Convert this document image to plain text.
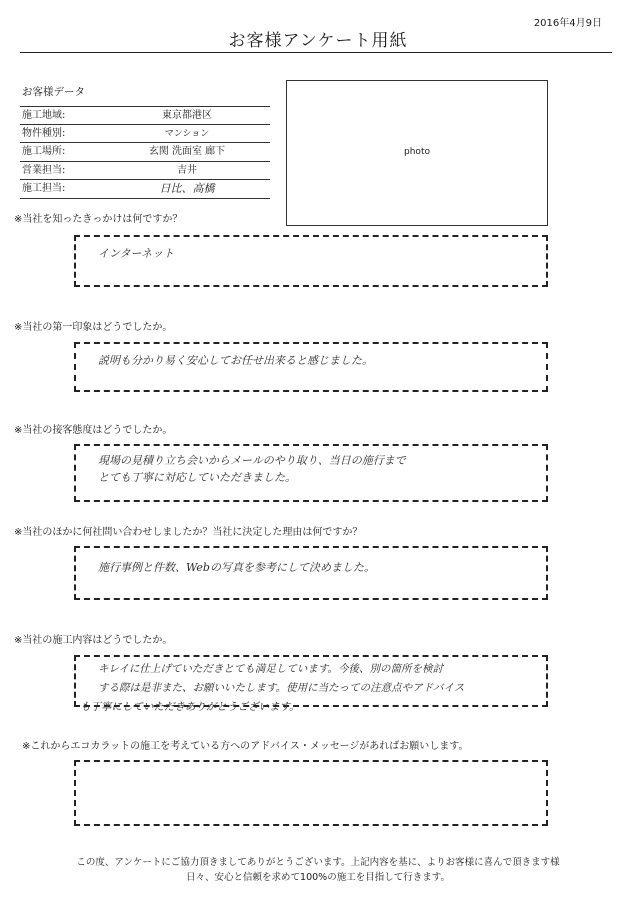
2016年4月9日
お客様アンケート用紙
お客様データ
施工地域:	東京都港区
物件種別:	マンション
施工場所:	玄関 洗面室 廊下
営業担当:	吉井
施工担当:	日比、高橋
photo
※当社を知ったきっかけは何ですか？
インターネット
※当社の第一印象はどうでしたか。
説明も分かり易く安心してお任せ出来ると感じました。
※当社の接客態度はどうでしたか。
現場の見積り立ち会いからメールのやり取り、当日の施行まで
とても丁寧に対応していただきました。
※当社のほかに何社問い合わせしましたか？当社に決定した理由は何ですか？
施行事例と件数、Webの写真を参考にして決めました。
※当社の施工内容はどうでしたか。
キレイに仕上げていただきとても満足しています。今後、別の箇所を検討
する際は是非また、お願いいたします。使用に当たっての注意点やアドバイス
も丁寧にしていただきありがとうございます。
※これからエコカラットの施工を考えている方へのアドバイス・メッセージがあればお願いします。
この度、アンケートにご協力頂きましてありがとうございます。上記内容を基に、よりお客様に喜んで頂きます様
日々、安心と信頼を求めて100%の施工を目指して行きます。
